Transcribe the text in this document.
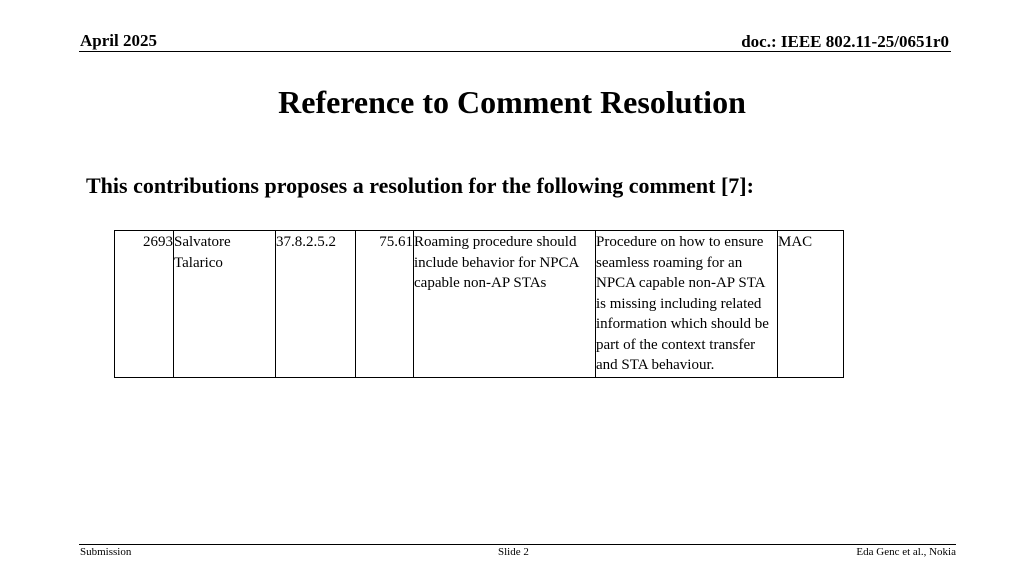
April 2025	doc.: IEEE 802.11-25/0651r0
Reference to Comment Resolution
This contributions proposes a resolution for the following comment [7]:
2693	Salvatore Talarico	37.8.2.5.2	75.61	Roaming procedure should include behavior for NPCA capable non-AP STAs	Procedure on how to ensure seamless roaming for an NPCA capable non-AP STA is missing including related information which should be part of the context transfer and STA behaviour.	MAC
Submission	Slide 2	Eda Genc et al., Nokia
